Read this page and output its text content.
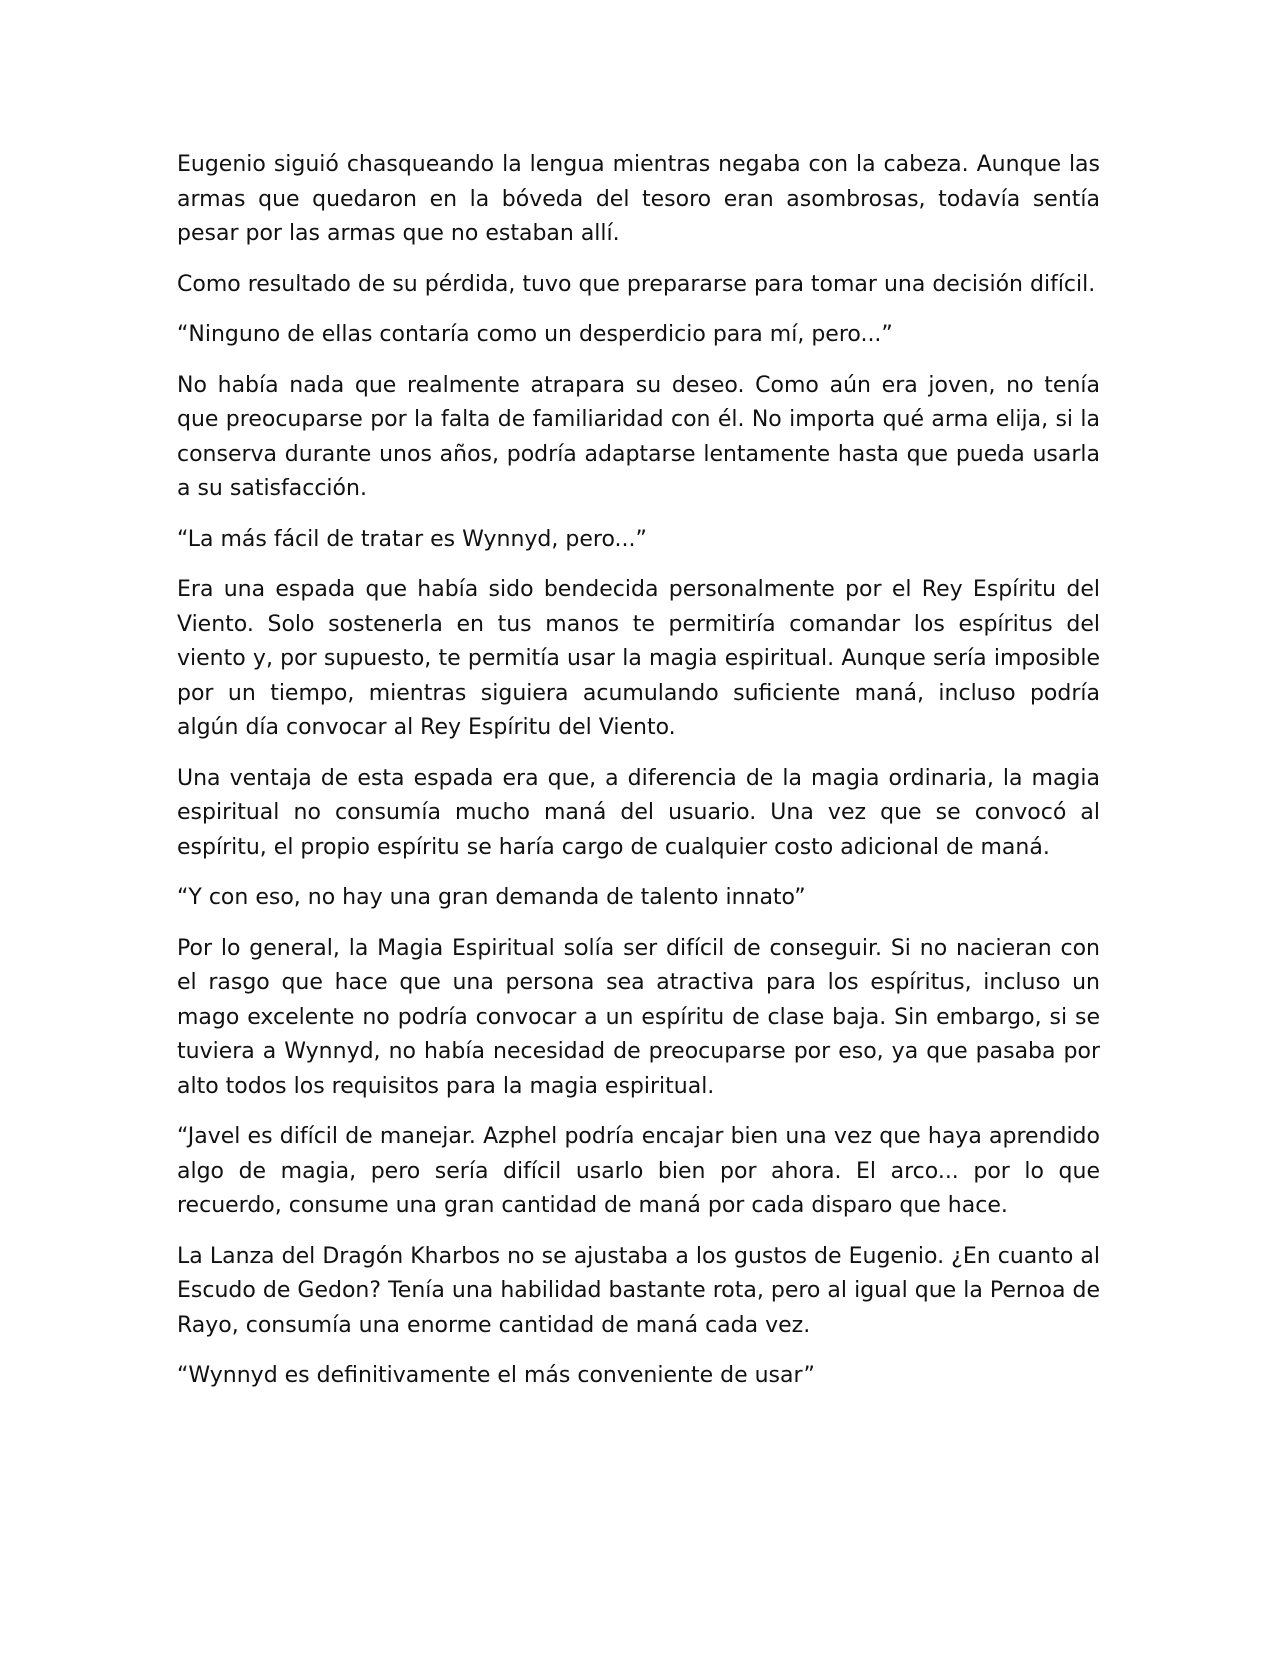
Eugenio siguió chasqueando la lengua mientras negaba con la cabeza. Aunque las armas que quedaron en la bóveda del tesoro eran asombrosas, todavía sentía pesar por las armas que no estaban allí.

Como resultado de su pérdida, tuvo que prepararse para tomar una decisión difícil.

“Ninguno de ellas contaría como un desperdicio para mí, pero...”

No había nada que realmente atrapara su deseo. Como aún era joven, no tenía que preocuparse por la falta de familiaridad con él. No importa qué arma elija, si la conserva durante unos años, podría adaptarse lentamente hasta que pueda usarla a su satisfacción.

“La más fácil de tratar es Wynnyd, pero...”

Era una espada que había sido bendecida personalmente por el Rey Espíritu del Viento. Solo sostenerla en tus manos te permitiría comandar los espíritus del viento y, por supuesto, te permitía usar la magia espiritual. Aunque sería imposible por un tiempo, mientras siguiera acumulando suficiente maná, incluso podría algún día convocar al Rey Espíritu del Viento.

Una ventaja de esta espada era que, a diferencia de la magia ordinaria, la magia espiritual no consumía mucho maná del usuario. Una vez que se convocó al espíritu, el propio espíritu se haría cargo de cualquier costo adicional de maná.

“Y con eso, no hay una gran demanda de talento innato”

Por lo general, la Magia Espiritual solía ser difícil de conseguir. Si no nacieran con el rasgo que hace que una persona sea atractiva para los espíritus, incluso un mago excelente no podría convocar a un espíritu de clase baja. Sin embargo, si se tuviera a Wynnyd, no había necesidad de preocuparse por eso, ya que pasaba por alto todos los requisitos para la magia espiritual.

“Javel es difícil de manejar. Azphel podría encajar bien una vez que haya aprendido algo de magia, pero sería difícil usarlo bien por ahora. El arco... por lo que recuerdo, consume una gran cantidad de maná por cada disparo que hace.

La Lanza del Dragón Kharbos no se ajustaba a los gustos de Eugenio. ¿En cuanto al Escudo de Gedon? Tenía una habilidad bastante rota, pero al igual que la Pernoa de Rayo, consumía una enorme cantidad de maná cada vez.

“Wynnyd es definitivamente el más conveniente de usar”
